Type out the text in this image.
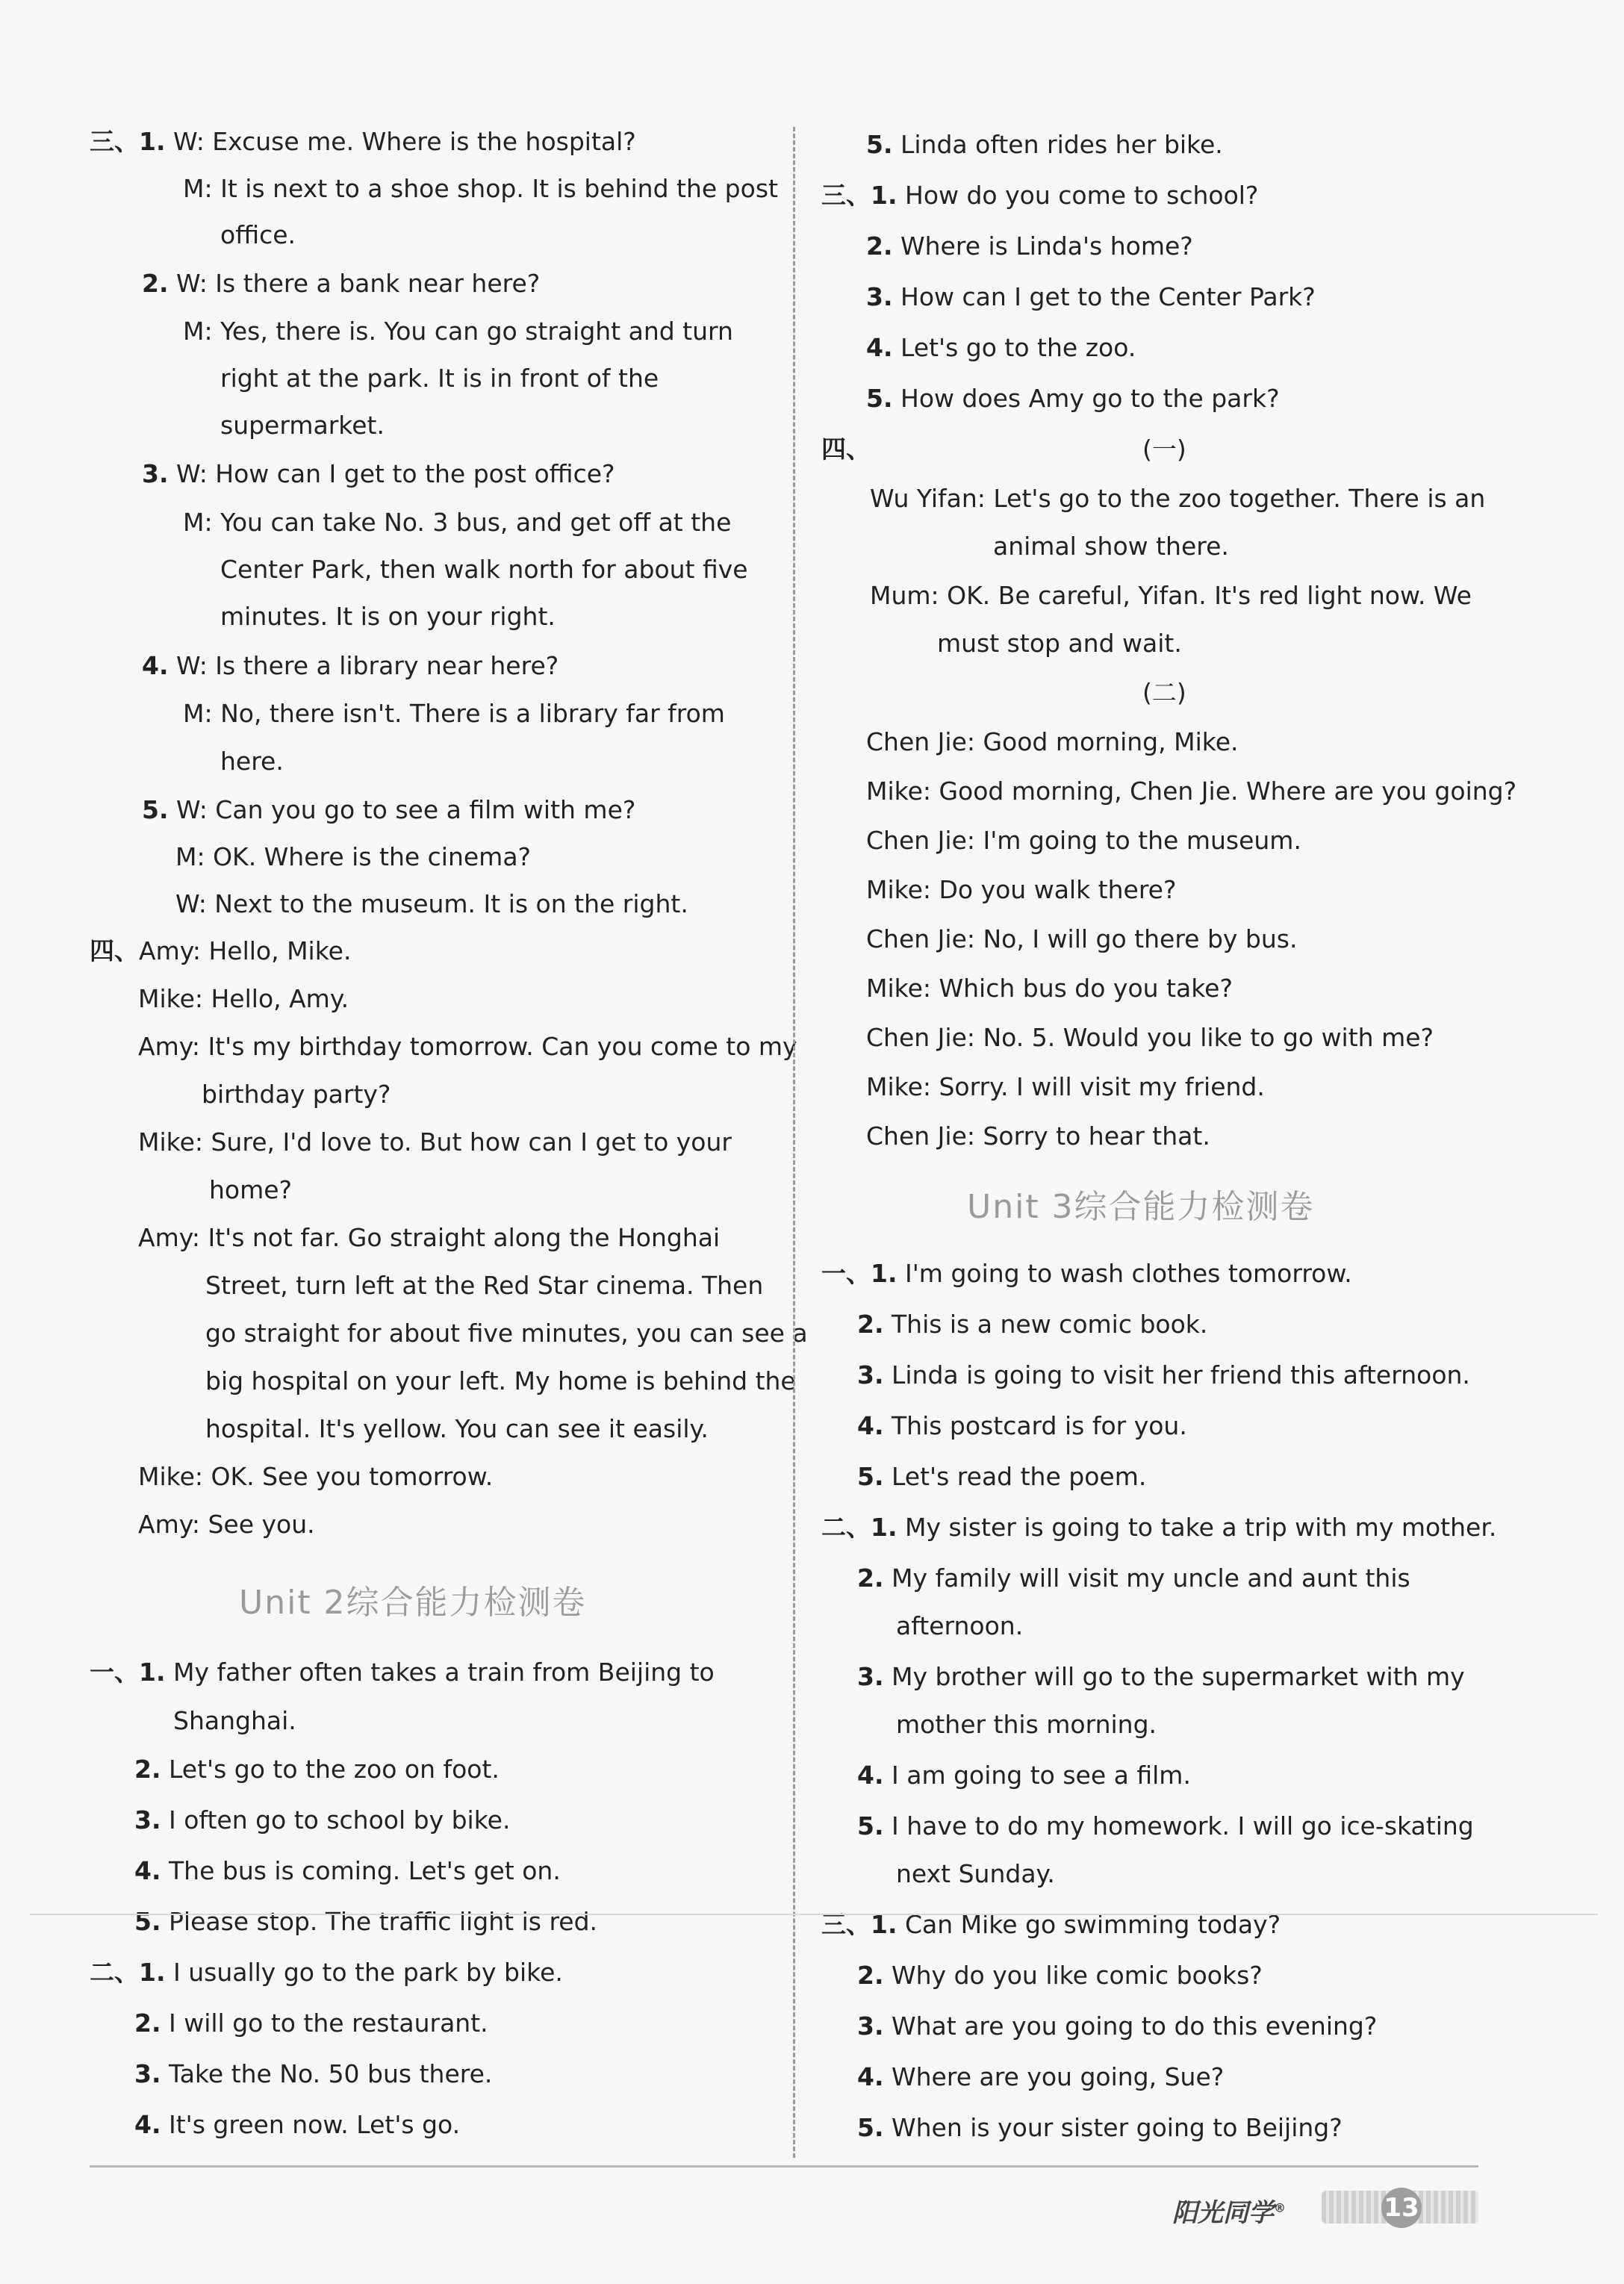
三、1. W: Excuse me. Where is the hospital?
M: It is next to a shoe shop. It is behind the post
office.
2. W: Is there a bank near here?
M: Yes, there is. You can go straight and turn
right at the park. It is in front of the
supermarket.
3. W: How can I get to the post office?
M: You can take No. 3 bus, and get off at the
Center Park, then walk north for about five
minutes. It is on your right.
4. W: Is there a library near here?
M: No, there isn't. There is a library far from
here.
5. W: Can you go to see a film with me?
M: OK. Where is the cinema?
W: Next to the museum. It is on the right.
四、Amy: Hello, Mike.
Mike: Hello, Amy.
Amy: It's my birthday tomorrow. Can you come to my
birthday party?
Mike: Sure, I'd love to. But how can I get to your
home?
Amy: It's not far. Go straight along the Honghai
Street, turn left at the Red Star cinema. Then
go straight for about five minutes, you can see a
big hospital on your left. My home is behind the
hospital. It's yellow. You can see it easily.
Mike: OK. See you tomorrow.
Amy: See you.
Unit 2综合能力检测卷
一、1. My father often takes a train from Beijing to
Shanghai.
2. Let's go to the zoo on foot.
3. I often go to school by bike.
4. The bus is coming. Let's get on.
5. Please stop. The traffic light is red.
二、1. I usually go to the park by bike.
2. I will go to the restaurant.
3. Take the No. 50 bus there.
4. It's green now. Let's go.
5. Linda often rides her bike.
三、1. How do you come to school?
2. Where is Linda's home?
3. How can I get to the Center Park?
4. Let's go to the zoo.
5. How does Amy go to the park?
四、	(一)
Wu Yifan: Let's go to the zoo together. There is an
animal show there.
Mum: OK. Be careful, Yifan. It's red light now. We
must stop and wait.
(二)
Chen Jie: Good morning, Mike.
Mike: Good morning, Chen Jie. Where are you going?
Chen Jie: I'm going to the museum.
Mike: Do you walk there?
Chen Jie: No, I will go there by bus.
Mike: Which bus do you take?
Chen Jie: No. 5. Would you like to go with me?
Mike: Sorry. I will visit my friend.
Chen Jie: Sorry to hear that.
Unit 3综合能力检测卷
一、1. I'm going to wash clothes tomorrow.
2. This is a new comic book.
3. Linda is going to visit her friend this afternoon.
4. This postcard is for you.
5. Let's read the poem.
二、1. My sister is going to take a trip with my mother.
2. My family will visit my uncle and aunt this
afternoon.
3. My brother will go to the supermarket with my
mother this morning.
4. I am going to see a film.
5. I have to do my homework. I will go ice-skating
next Sunday.
三、1. Can Mike go swimming today?
2. Why do you like comic books?
3. What are you going to do this evening?
4. Where are you going, Sue?
5. When is your sister going to Beijing?
阳光同学®	13
